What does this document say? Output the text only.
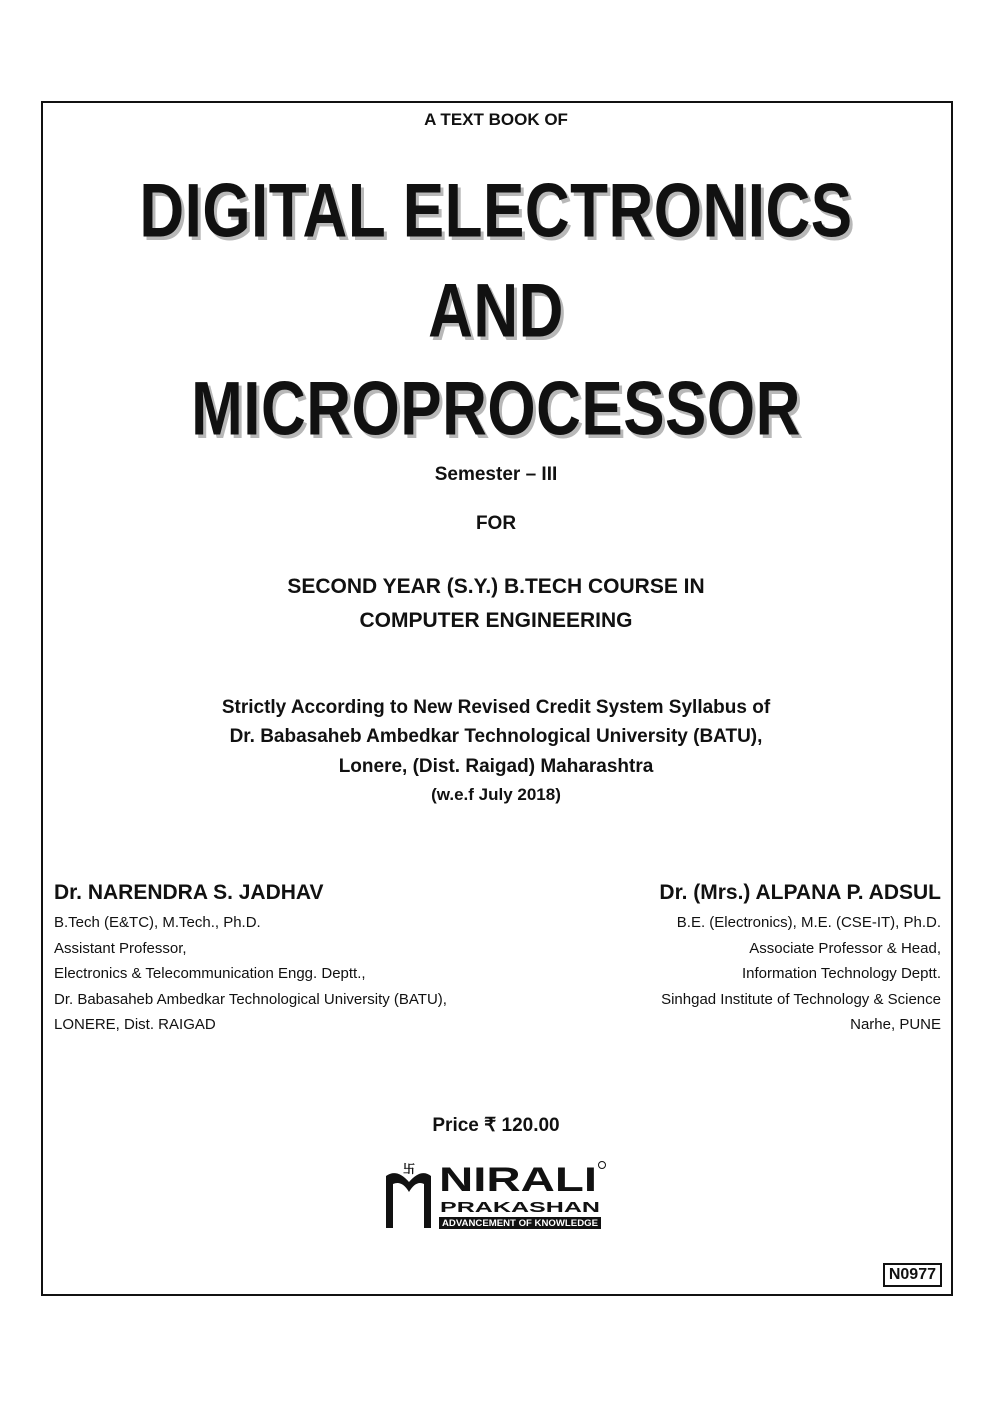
A TEXT BOOK OF
DIGITAL ELECTRONICS
AND
MICROPROCESSOR
Semester – III
FOR
SECOND YEAR (S.Y.) B.TECH COURSE IN
COMPUTER ENGINEERING
Strictly According to New Revised Credit System Syllabus of
Dr. Babasaheb Ambedkar Technological University (BATU),
Lonere, (Dist. Raigad) Maharashtra
(w.e.f July 2018)
Dr. NARENDRA S. JADHAV
B.Tech (E&TC), M.Tech., Ph.D.
Assistant Professor,
Electronics & Telecommunication Engg. Deptt.,
Dr. Babasaheb Ambedkar Technological University (BATU),
LONERE, Dist. RAIGAD
Dr. (Mrs.) ALPANA P. ADSUL
B.E. (Electronics), M.E. (CSE-IT), Ph.D.
Associate Professor & Head,
Information Technology Deptt.
Sinhgad Institute of Technology & Science
Narhe, PUNE
Price ₹ 120.00
卐 NIRALI
PRAKASHAN
ADVANCEMENT OF KNOWLEDGE
N0977
